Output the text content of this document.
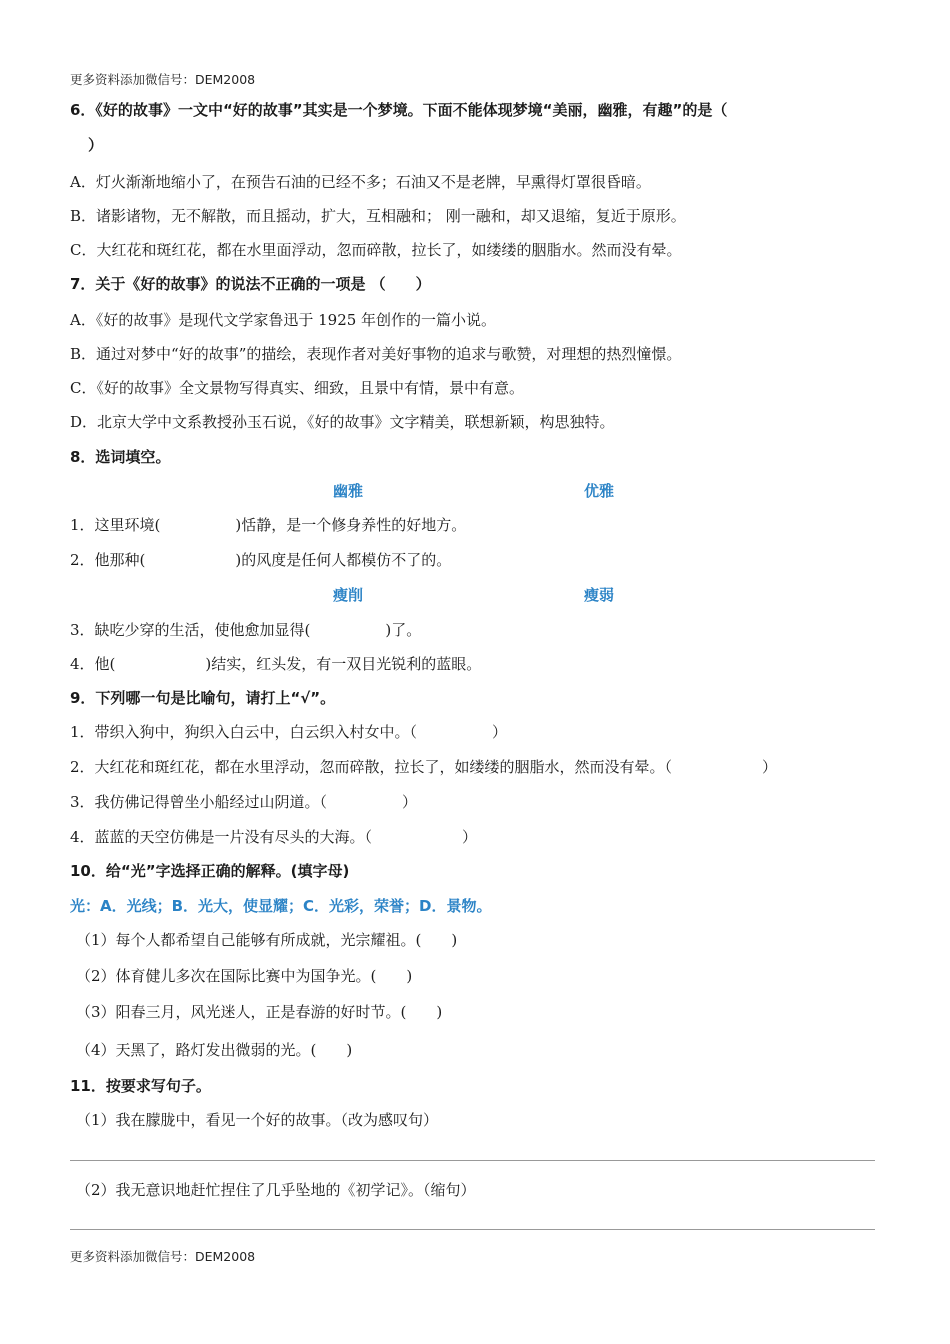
更多资料添加微信号：DEM2008
6．《好的故事》一文中“好的故事”其实是一个梦境。下面不能体现梦境“美丽，幽雅，有趣”的是（
）
A．灯火渐渐地缩小了，在预告石油的已经不多；石油又不是老牌，早熏得灯罩很昏暗。
B．诸影诸物，无不解散，而且摇动，扩大，互相融和； 刚一融和，却又退缩，复近于原形。
C．大红花和斑红花，都在水里面浮动，忽而碎散，拉长了，如缕缕的胭脂水。然而没有晕。
7．关于《好的故事》的说法不正确的一项是 （　　）
A．《好的故事》是现代文学家鲁迅于 1925 年创作的一篇小说。
B．通过对梦中“好的故事”的描绘，表现作者对美好事物的追求与歌赞，对理想的热烈憧憬。
C．《好的故事》全文景物写得真实、细致，且景中有情，景中有意。
D．北京大学中文系教授孙玉石说，《好的故事》文字精美，联想新颖，构思独特。
8．选词填空。
幽雅	优雅
1．这里环境(　　　　　)恬静，是一个修身养性的好地方。
2．他那种(　　　　　　)的风度是任何人都模仿不了的。
瘦削	瘦弱
3．缺吃少穿的生活，使他愈加显得(　　　　　)了。
4．他(　　　　　　)结实，红头发，有一双目光锐利的蓝眼。
9．下列哪一句是比喻句，请打上“√”。
1．带织入狗中，狗织入白云中，白云织入村女中。（　　　　　）
2．大红花和斑红花，都在水里浮动，忽而碎散，拉长了，如缕缕的胭脂水，然而没有晕。（　　　　　　）
3．我仿佛记得曾坐小船经过山阴道。（　　　　　）
4．蓝蓝的天空仿佛是一片没有尽头的大海。（　　　　　　）
10．给“光”字选择正确的解释。(填字母)
光：A．光线；B．光大，使显耀；C．光彩，荣誉；D．景物。
（1）每个人都希望自己能够有所成就，光宗耀祖。(　　)
（2）体育健儿多次在国际比赛中为国争光。(　　)
（3）阳春三月，风光迷人，正是春游的好时节。(　　)
（4）天黑了，路灯发出微弱的光。(　　)
11．按要求写句子。
（1）我在朦胧中，看见一个好的故事。（改为感叹句）
（2）我无意识地赶忙捏住了几乎坠地的《初学记》。（缩句）
更多资料添加微信号：DEM2008
